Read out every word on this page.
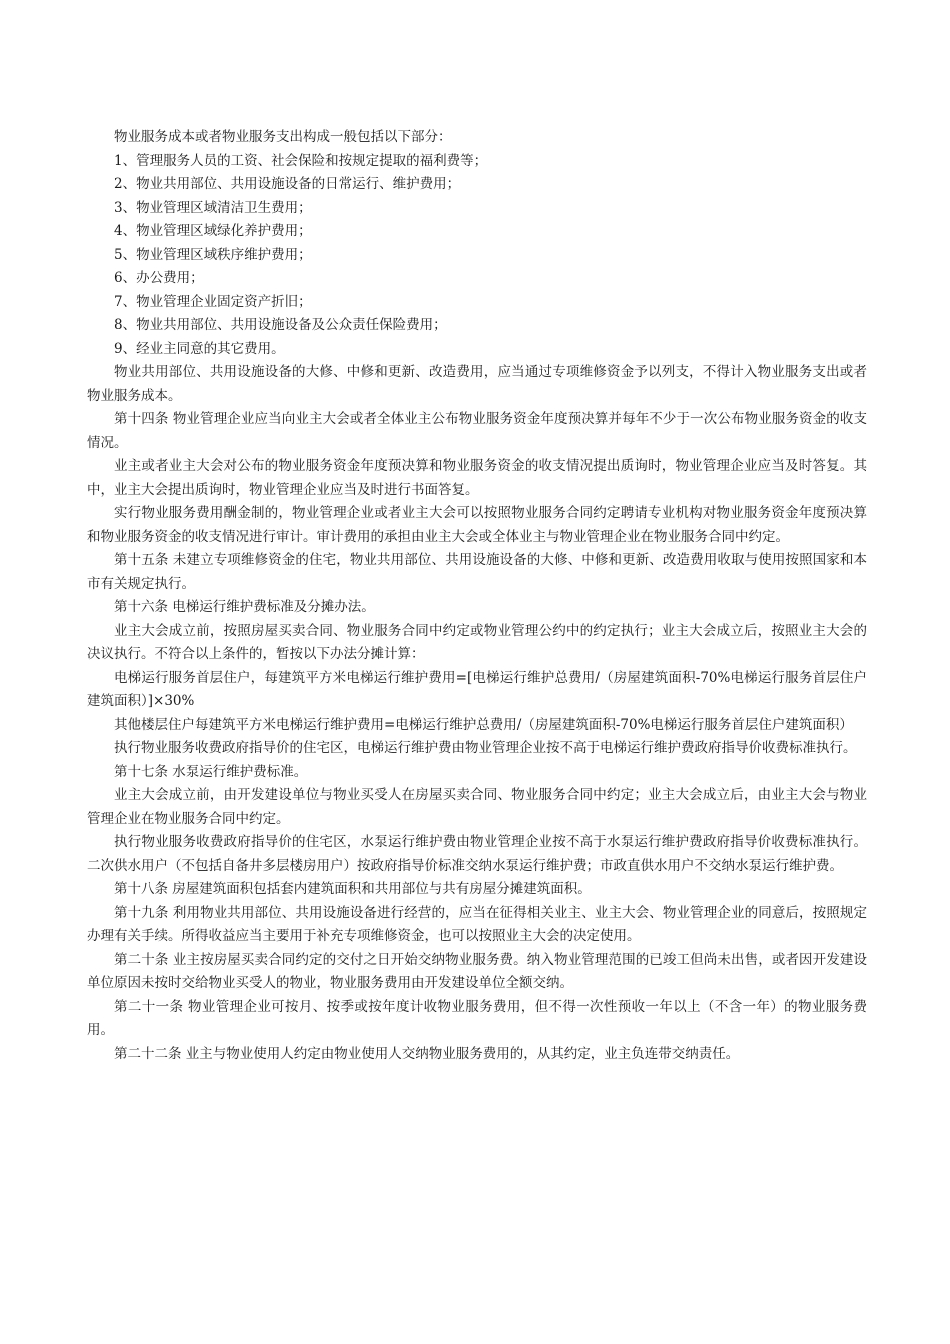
物业服务成本或者物业服务支出构成一般包括以下部分：

1、管理服务人员的工资、社会保险和按规定提取的福利费等；

2、物业共用部位、共用设施设备的日常运行、维护费用；

3、物业管理区域清洁卫生费用；

4、物业管理区域绿化养护费用；

5、物业管理区域秩序维护费用；

6、办公费用；

7、物业管理企业固定资产折旧；

8、物业共用部位、共用设施设备及公众责任保险费用；

9、经业主同意的其它费用。

物业共用部位、共用设施设备的大修、中修和更新、改造费用，应当通过专项维修资金予以列支，不得计入物业服务支出或者物业服务成本。

第十四条 物业管理企业应当向业主大会或者全体业主公布物业服务资金年度预决算并每年不少于一次公布物业服务资金的收支情况。

业主或者业主大会对公布的物业服务资金年度预决算和物业服务资金的收支情况提出质询时，物业管理企业应当及时答复。其中，业主大会提出质询时，物业管理企业应当及时进行书面答复。

实行物业服务费用酬金制的，物业管理企业或者业主大会可以按照物业服务合同约定聘请专业机构对物业服务资金年度预决算和物业服务资金的收支情况进行审计。审计费用的承担由业主大会或全体业主与物业管理企业在物业服务合同中约定。

第十五条 未建立专项维修资金的住宅，物业共用部位、共用设施设备的大修、中修和更新、改造费用收取与使用按照国家和本市有关规定执行。

第十六条 电梯运行维护费标准及分摊办法。

业主大会成立前，按照房屋买卖合同、物业服务合同中约定或物业管理公约中的约定执行；业主大会成立后，按照业主大会的决议执行。不符合以上条件的，暂按以下办法分摊计算：

电梯运行服务首层住户，每建筑平方米电梯运行维护费用=[电梯运行维护总费用/（房屋建筑面积-70%电梯运行服务首层住户建筑面积）]×30%

其他楼层住户每建筑平方米电梯运行维护费用=电梯运行维护总费用/（房屋建筑面积-70%电梯运行服务首层住户建筑面积）

执行物业服务收费政府指导价的住宅区，电梯运行维护费由物业管理企业按不高于电梯运行维护费政府指导价收费标准执行。

第十七条 水泵运行维护费标准。

业主大会成立前，由开发建设单位与物业买受人在房屋买卖合同、物业服务合同中约定；业主大会成立后，由业主大会与物业管理企业在物业服务合同中约定。

执行物业服务收费政府指导价的住宅区，水泵运行维护费由物业管理企业按不高于水泵运行维护费政府指导价收费标准执行。二次供水用户（不包括自备井多层楼房用户）按政府指导价标准交纳水泵运行维护费；市政直供水用户不交纳水泵运行维护费。

第十八条 房屋建筑面积包括套内建筑面积和共用部位与共有房屋分摊建筑面积。

第十九条 利用物业共用部位、共用设施设备进行经营的，应当在征得相关业主、业主大会、物业管理企业的同意后，按照规定办理有关手续。所得收益应当主要用于补充专项维修资金，也可以按照业主大会的决定使用。

第二十条 业主按房屋买卖合同约定的交付之日开始交纳物业服务费。纳入物业管理范围的已竣工但尚未出售，或者因开发建设单位原因未按时交给物业买受人的物业，物业服务费用由开发建设单位全额交纳。

第二十一条 物业管理企业可按月、按季或按年度计收物业服务费用，但不得一次性预收一年以上（不含一年）的物业服务费用。

第二十二条 业主与物业使用人约定由物业使用人交纳物业服务费用的，从其约定，业主负连带交纳责任。
